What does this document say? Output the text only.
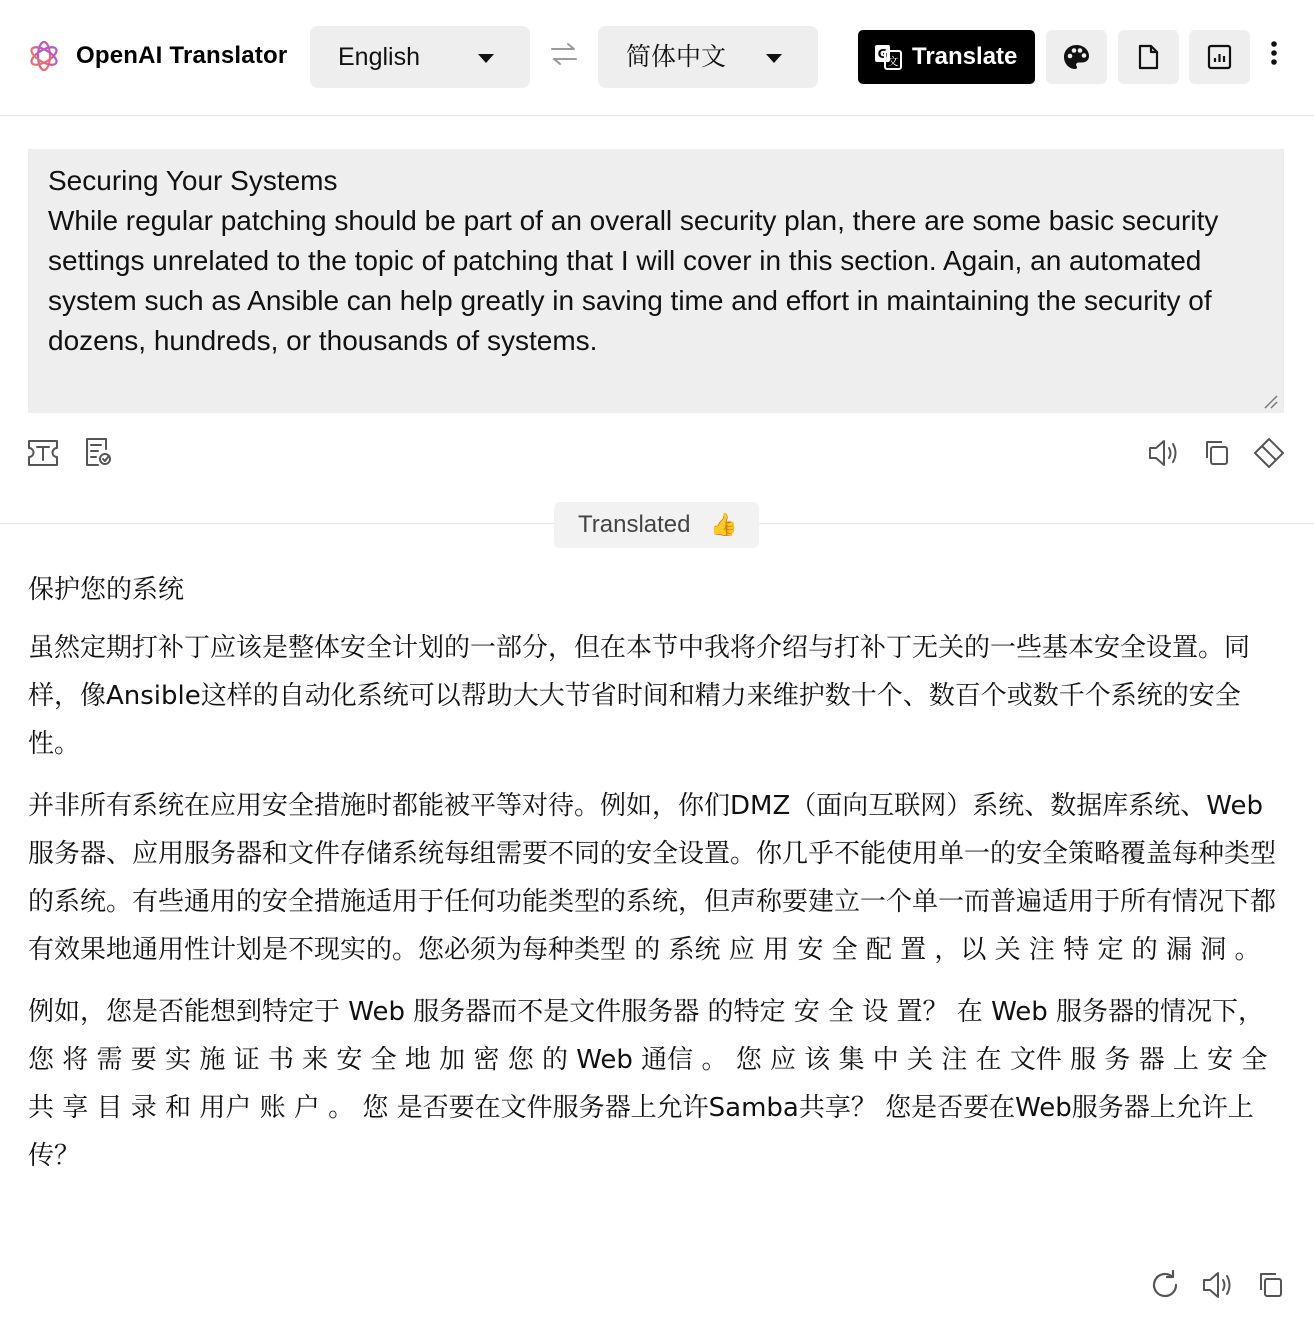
OpenAI Translator	English	简体中文	G
文 Translate
Securing Your Systems
While regular patching should be part of an overall security plan, there are some basic security settings unrelated to the topic of patching that I will cover in this section. Again, an automated system such as Ansible can help greatly in saving time and effort in maintaining the security of dozens, hundreds, or thousands of systems.
Translated 👍

保护您的系统

虽然定期打补丁应该是整体安全计划的一部分，但在本节中我将介绍与打补丁无关的一些基本安全设置。同样，像Ansible这样的自动化系统可以帮助大大节省时间和精力来维护数十个、数百个或数千个系统的安全性。

并非所有系统在应用安全措施时都能被平等对待。例如，你们DMZ（面向互联网）系统、数据库系统、Web服务器、应用服务器和文件存储系统每组需要不同的安全设置。你几乎不能使用单一的安全策略覆盖每种类型的系统。有些通用的安全措施适用于任何功能类型的系统，但声称要建立一个单一而普遍适用于所有情况下都有效果地通用性计划是不现实的。您必须为每种类型 的 系统 应 用 安 全 配 置 ，以 关 注 特 定 的 漏 洞 。

例如，您是否能想到特定于 Web 服务器而不是文件服务器 的特定 安 全 设 置？ 在 Web 服务器的情况下， 您 将 需 要 实 施 证 书 来 安 全 地 加 密 您 的 Web 通信 。 您 应 该 集 中 关 注 在 文件 服 务 器 上 安 全 共 享 目 录 和 用户 账 户 。 您 是否要在文件服务器上允许Samba共享？ 您是否要在Web服务器上允许上传？
